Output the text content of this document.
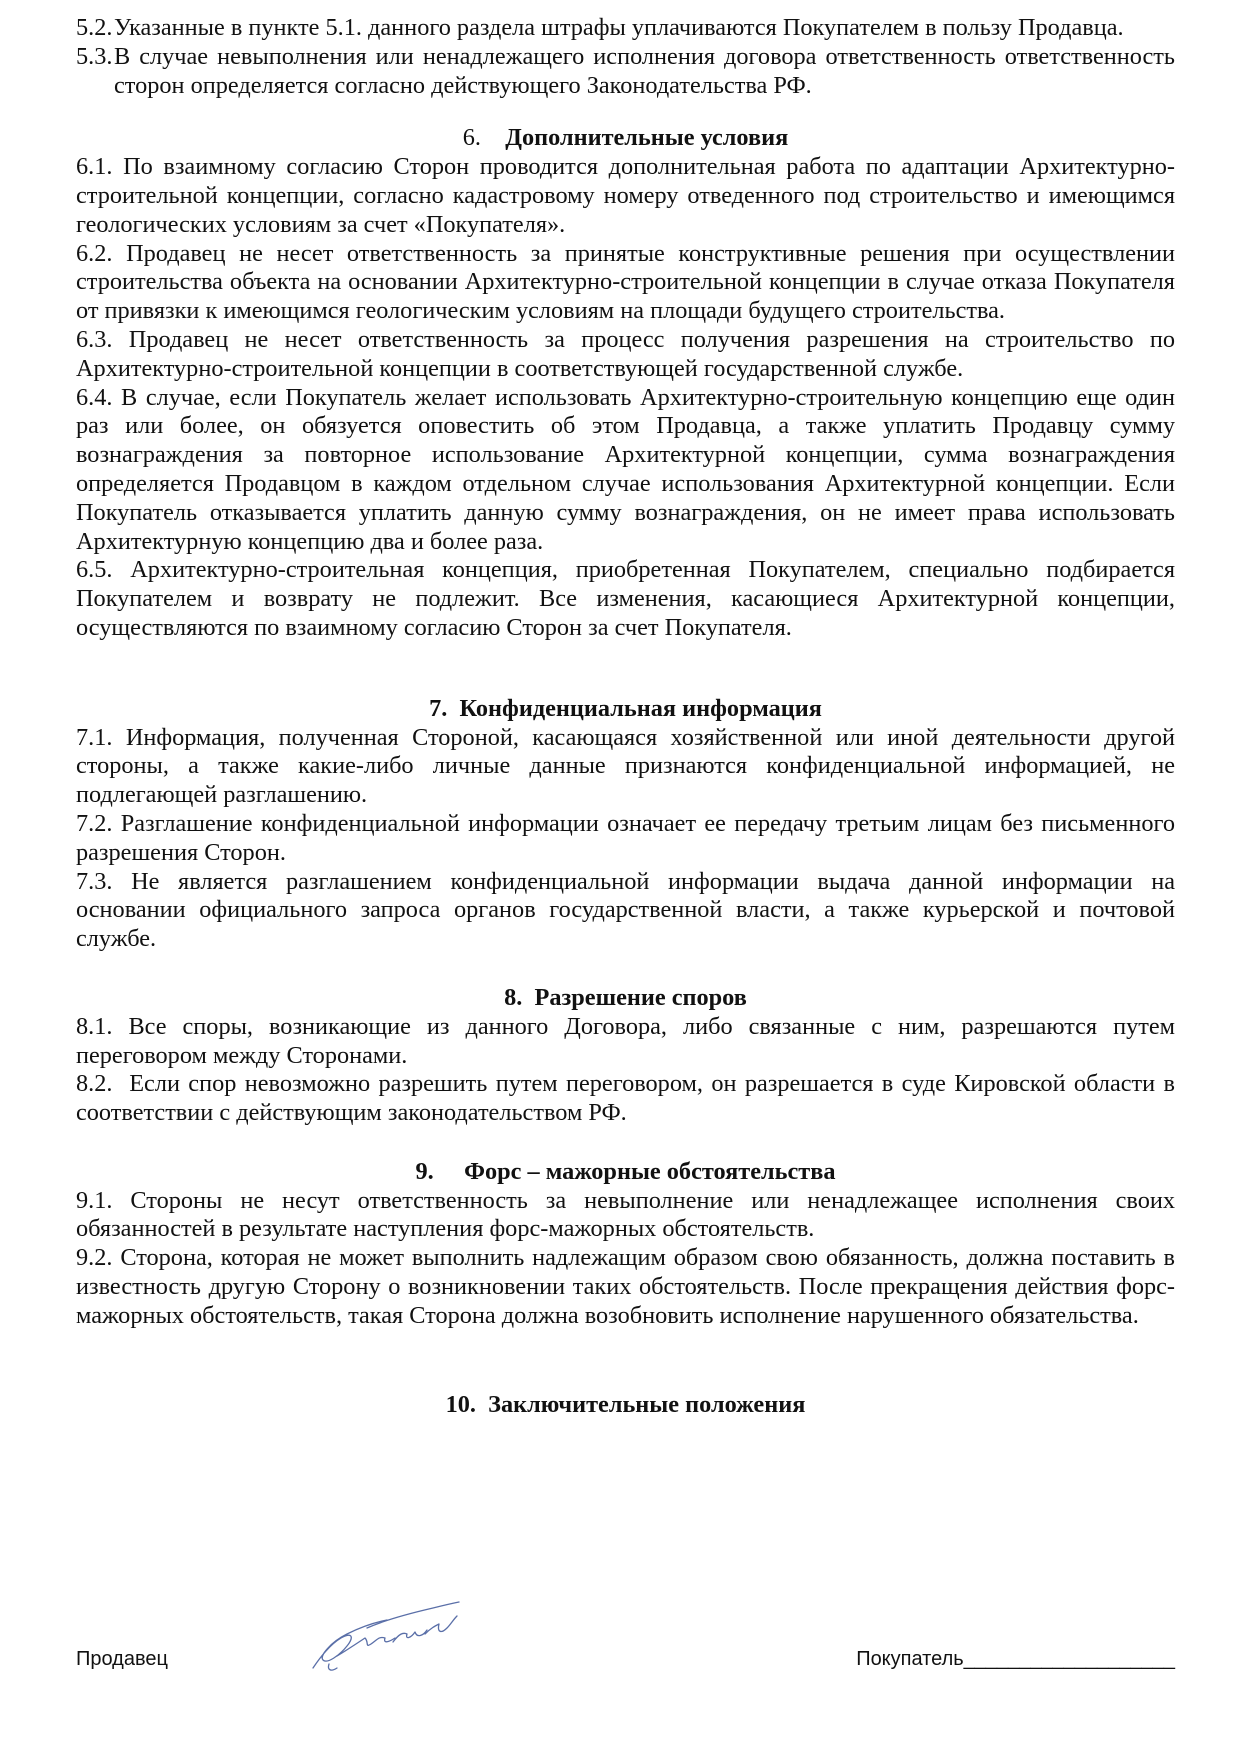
5.2.Указанные в пункте 5.1. данного раздела штрафы уплачиваются Покупателем в пользу Продавца.

5.3.В случае невыполнения или ненадлежащего исполнения договора ответственность ответственность сторон определяется согласно действующего Законодательства РФ.

6. Дополнительные условия

6.1. По взаимному согласию Сторон проводится дополнительная работа по адаптации Архитектурно-строительной концепции, согласно кадастровому номеру отведенного под строительство и имеющимся геологических условиям за счет «Покупателя».

6.2. Продавец не несет ответственность за принятые конструктивные решения при осуществлении строительства объекта на основании Архитектурно-строительной концепции в случае отказа Покупателя от привязки к имеющимся геологическим условиям на площади будущего строительства.

6.3. Продавец не несет ответственность за процесс получения разрешения на строительство по Архитектурно-строительной концепции в соответствующей государственной службе.

6.4. В случае, если Покупатель желает использовать Архитектурно-строительную концепцию еще один раз или более, он обязуется оповестить об этом Продавца, а также уплатить Продавцу сумму вознаграждения за повторное использование Архитектурной концепции, сумма вознаграждения определяется Продавцом в каждом отдельном случае использования Архитектурной концепции. Если Покупатель отказывается уплатить данную сумму вознаграждения, он не имеет права использовать Архитектурную концепцию два и более раза.

6.5. Архитектурно-строительная концепция, приобретенная Покупателем, специально подбирается Покупателем и возврату не подлежит. Все изменения, касающиеся Архитектурной концепции, осуществляются по взаимному согласию Сторон за счет Покупателя.

7. Конфиденциальная информация

7.1. Информация, полученная Стороной, касающаяся хозяйственной или иной деятельности другой стороны, а также какие-либо личные данные признаются конфиденциальной информацией, не подлегающей разглашению.

7.2. Разглашение конфиденциальной информации означает ее передачу третьим лицам без письменного разрешения Сторон.

7.3. Не является разглашением конфиденциальной информации выдача данной информации на основании официального запроса органов государственной власти, а также курьерской и почтовой службе.

8. Разрешение споров

8.1. Все споры, возникающие из данного Договора, либо связанные с ним, разрешаются путем переговором между Сторонами.

8.2. Если спор невозможно разрешить путем переговором, он разрешается в суде Кировской области в соответствии с действующим законодательством РФ.

9. Форс – мажорные обстоятельства

9.1. Стороны не несут ответственность за невыполнение или ненадлежащее исполнения своих обязанностей в результате наступления форс-мажорных обстоятельств.

9.2. Сторона, которая не может выполнить надлежащим образом свою обязанность, должна поставить в известность другую Сторону о возникновении таких обстоятельств. После прекращения действия форс-мажорных обстоятельств, такая Сторона должна возобновить исполнение нарушенного обязательства.

10. Заключительные положения

Продавец	Покупатель___________________
